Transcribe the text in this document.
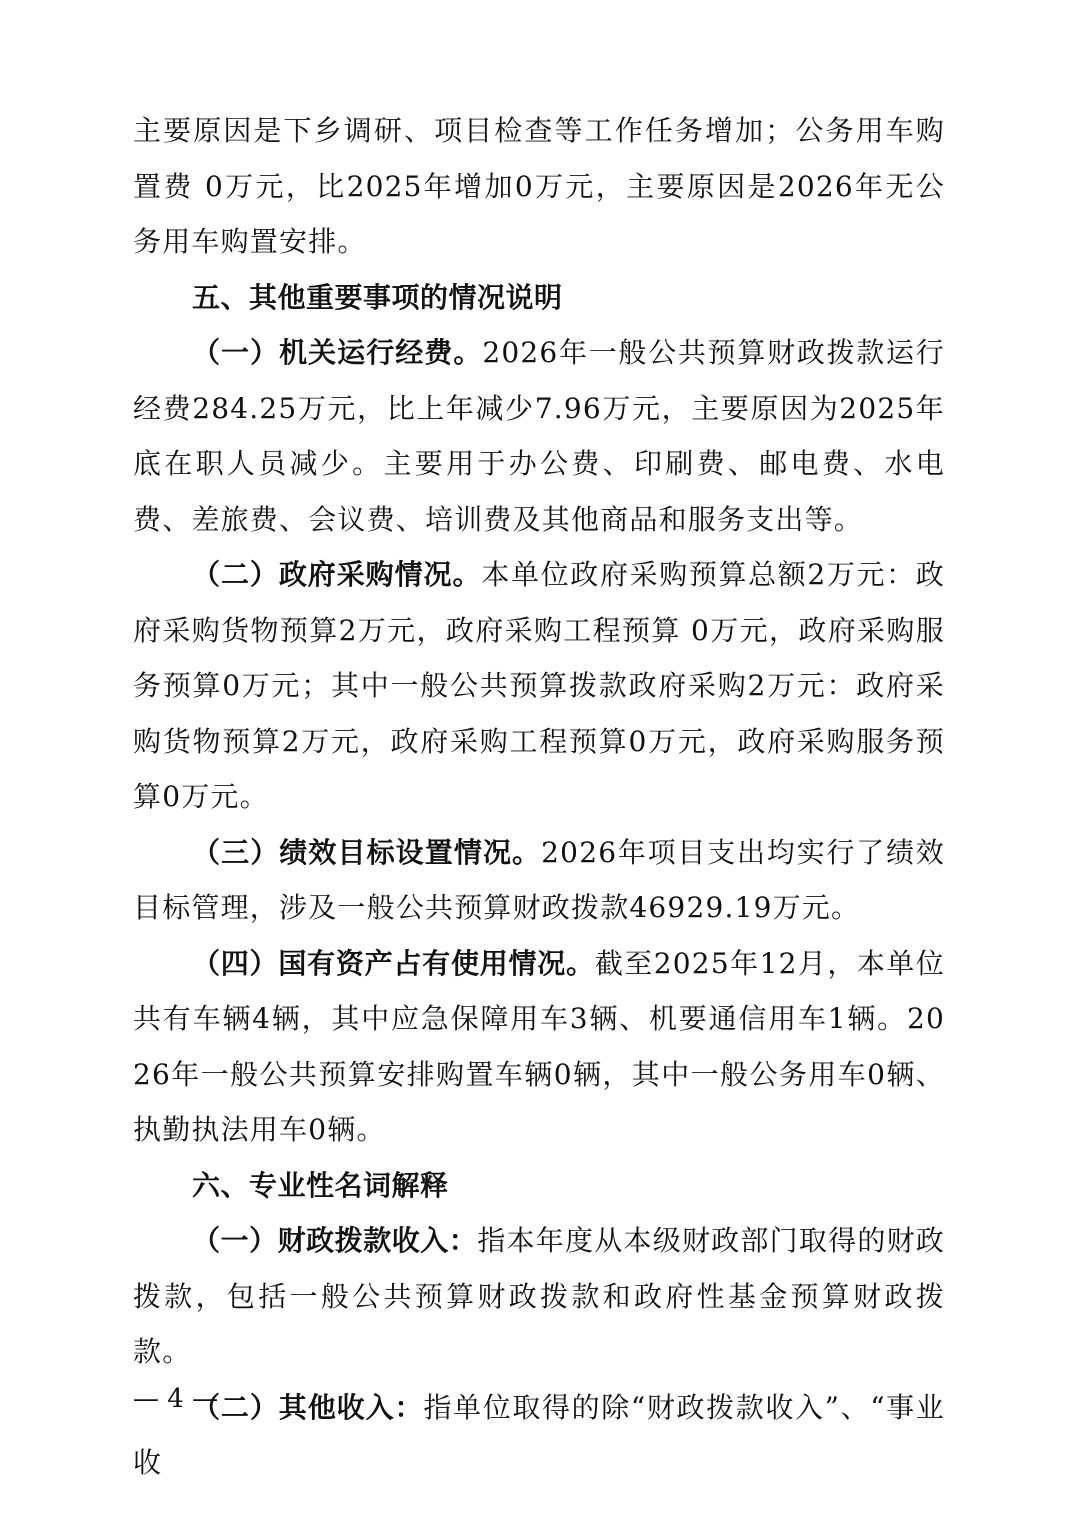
主要原因是下乡调研、项目检查等工作任务增加；公务用车购置费 0万元，比2025年增加0万元，主要原因是2026年无公务用车购置安排。

五、其他重要事项的情况说明

（一）机关运行经费。2026年一般公共预算财政拨款运行经费284.25万元，比上年减少7.96万元，主要原因为2025年底在职人员减少。主要用于办公费、印刷费、邮电费、水电费、差旅费、会议费、培训费及其他商品和服务支出等。

（二）政府采购情况。本单位政府采购预算总额2万元：政府采购货物预算2万元，政府采购工程预算 0万元，政府采购服务预算0万元；其中一般公共预算拨款政府采购2万元：政府采购货物预算2万元，政府采购工程预算0万元，政府采购服务预算0万元。

（三）绩效目标设置情况。2026年项目支出均实行了绩效目标管理，涉及一般公共预算财政拨款46929.19万元。

（四）国有资产占有使用情况。截至2025年12月，本单位共有车辆4辆，其中应急保障用车3辆、机要通信用车1辆。2026年一般公共预算安排购置车辆0辆，其中一般公务用车0辆、执勤执法用车0辆。

六、专业性名词解释

（一）财政拨款收入：指本年度从本级财政部门取得的财政拨款，包括一般公共预算财政拨款和政府性基金预算财政拨款。

（二）其他收入：指单位取得的除“财政拨款收入”、“事业收

— 4 —
